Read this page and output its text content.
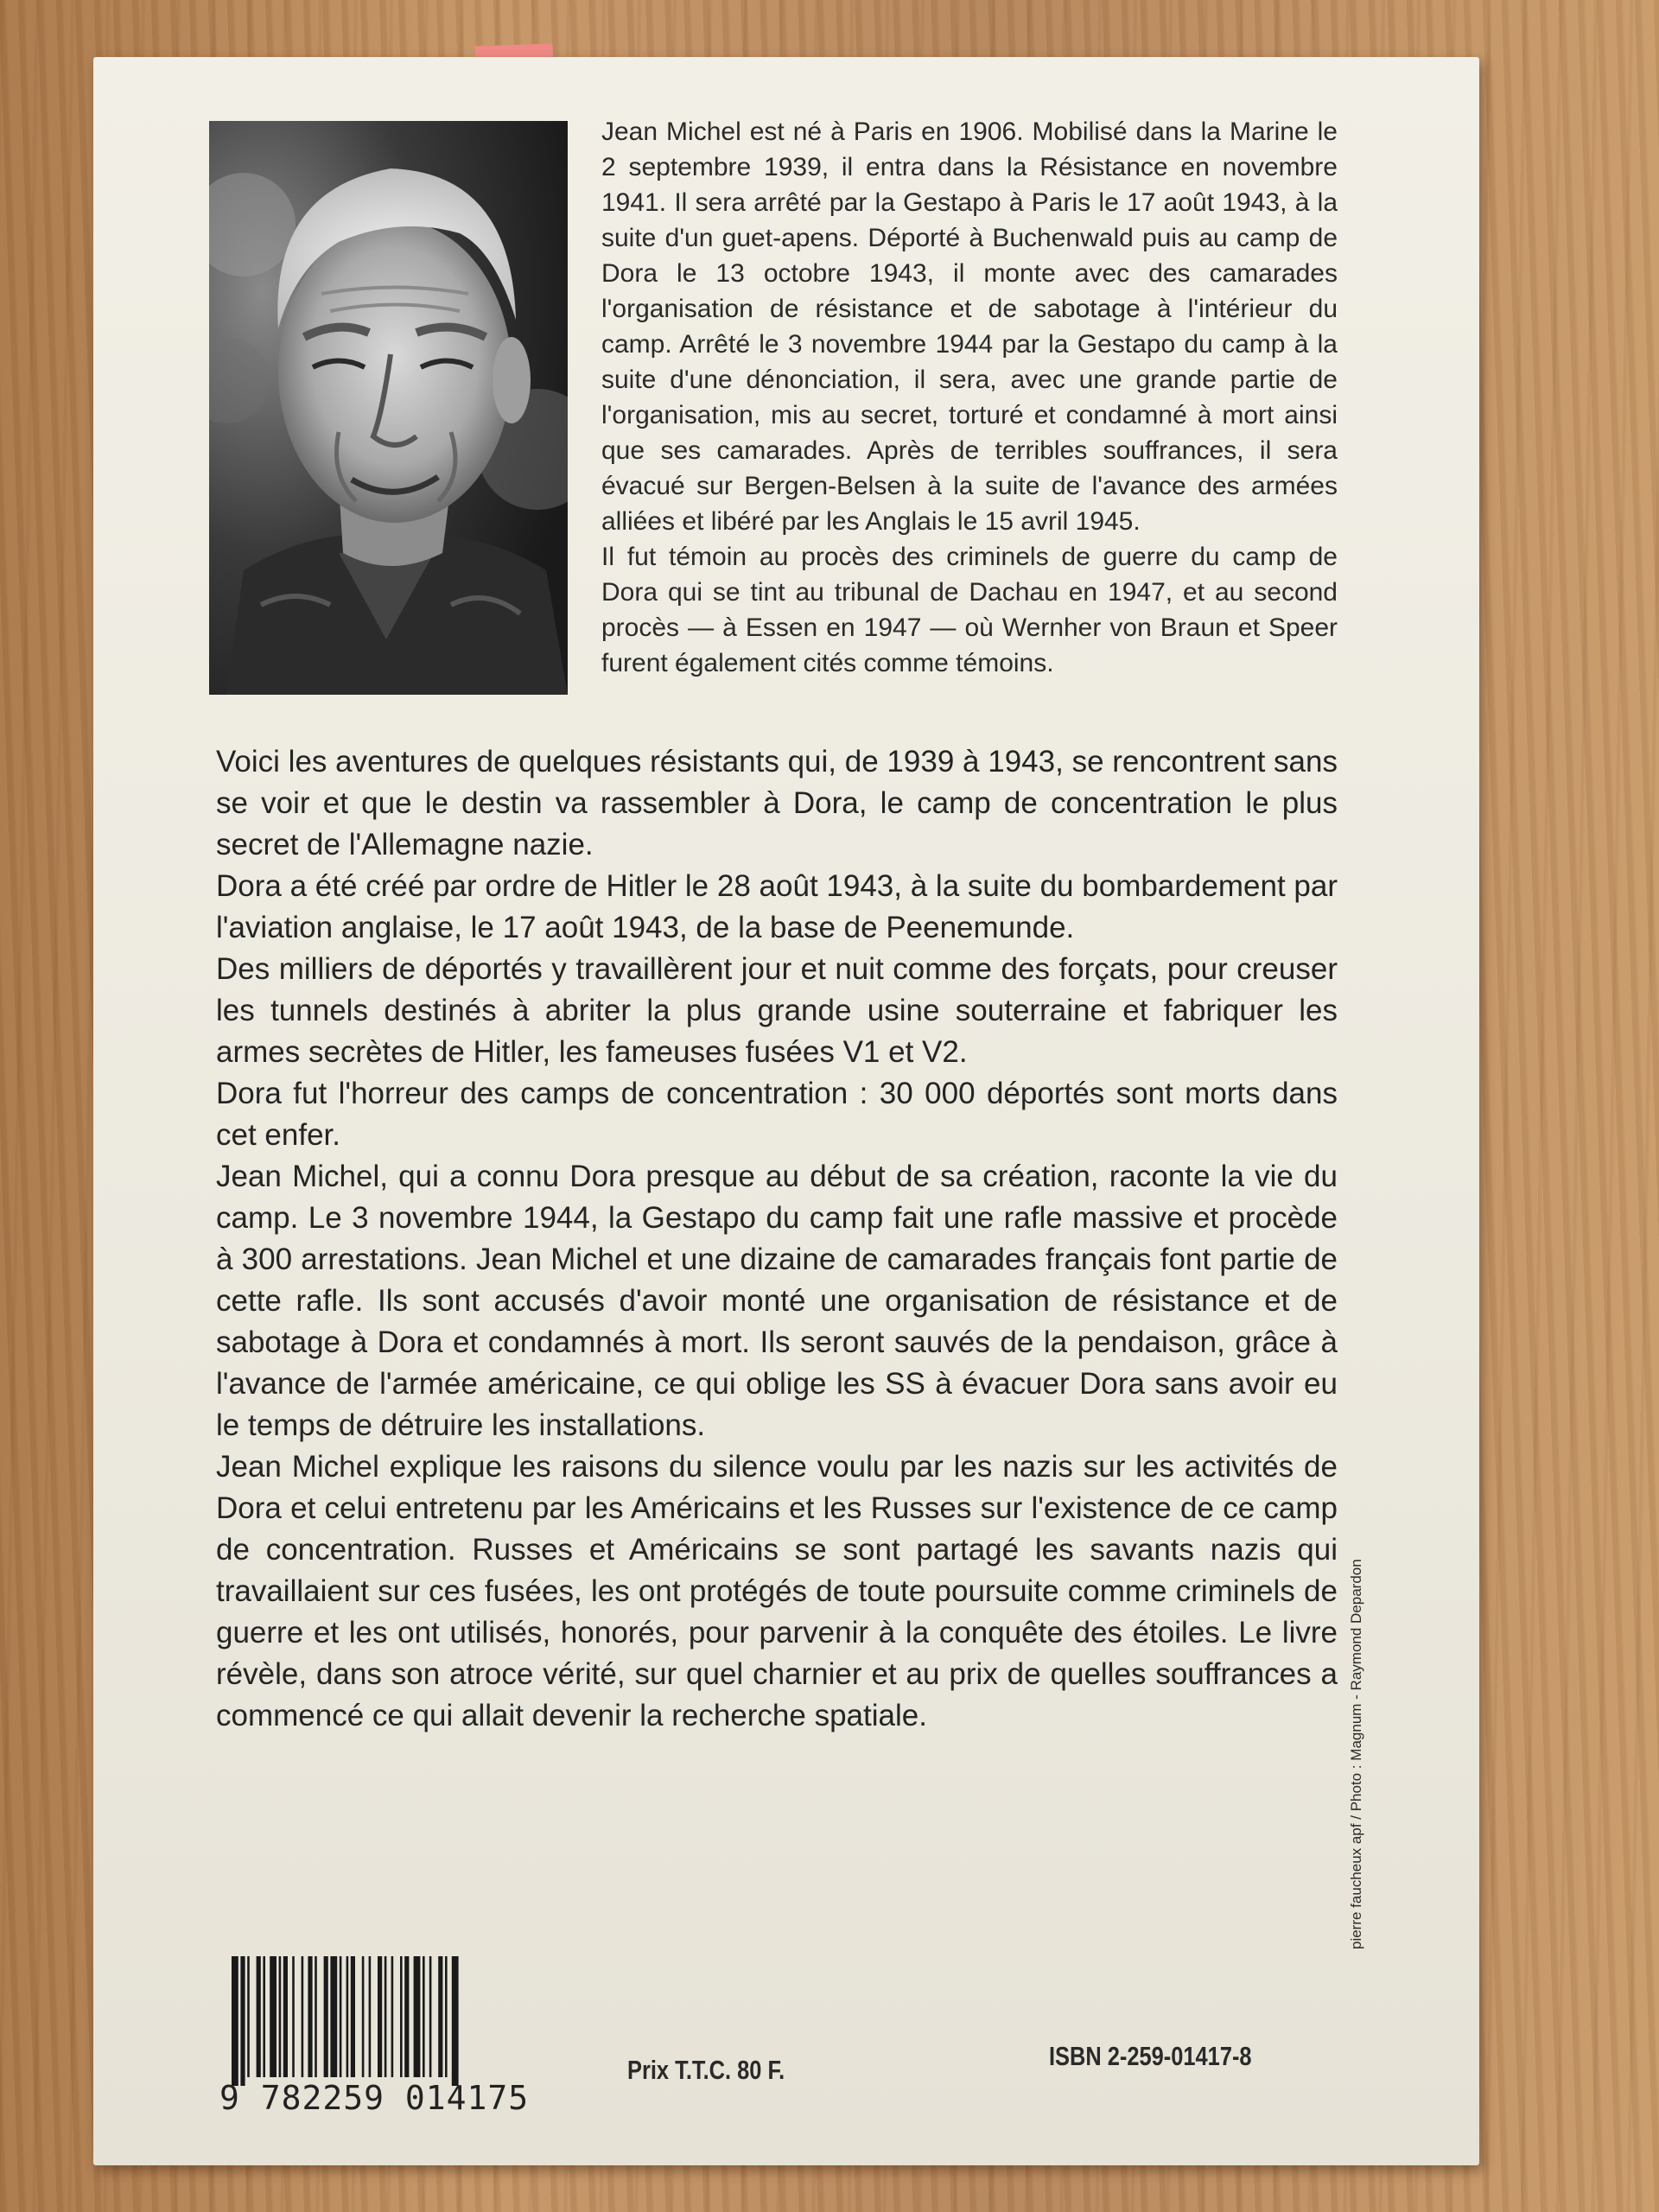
Jean Michel est né à Paris en 1906. Mobilisé dans la Marine le 2 septembre 1939, il entra dans la Résistance en novembre 1941. Il sera arrêté par la Gestapo à Paris le 17 août 1943, à la suite d'un guet-apens. Déporté à Buchenwald puis au camp de Dora le 13 octobre 1943, il monte avec des camarades l'organisation de résistance et de sabotage à l'intérieur du camp. Arrêté le 3 novembre 1944 par la Gestapo du camp à la suite d'une dénonciation, il sera, avec une grande partie de l'organisation, mis au secret, torturé et condamné à mort ainsi que ses camarades. Après de terribles souffrances, il sera évacué sur Bergen-Belsen à la suite de l'avance des armées alliées et libéré par les Anglais le 15 avril 1945.

Il fut témoin au procès des criminels de guerre du camp de Dora qui se tint au tribunal de Dachau en 1947, et au second procès — à Essen en 1947 — où Wernher von Braun et Speer furent également cités comme témoins.

Voici les aventures de quelques résistants qui, de 1939 à 1943, se rencontrent sans se voir et que le destin va rassembler à Dora, le camp de concentration le plus secret de l'Allemagne nazie.

Dora a été créé par ordre de Hitler le 28 août 1943, à la suite du bombardement par l'aviation anglaise, le 17 août 1943, de la base de Peenemunde.

Des milliers de déportés y travaillèrent jour et nuit comme des forçats, pour creuser les tunnels destinés à abriter la plus grande usine souterraine et fabriquer les armes secrètes de Hitler, les fameuses fusées V1 et V2.

Dora fut l'horreur des camps de concentration : 30 000 déportés sont morts dans cet enfer.

Jean Michel, qui a connu Dora presque au début de sa création, raconte la vie du camp. Le 3 novembre 1944, la Gestapo du camp fait une rafle massive et procède à 300 arrestations. Jean Michel et une dizaine de camarades français font partie de cette rafle. Ils sont accusés d'avoir monté une organisation de résistance et de sabotage à Dora et condamnés à mort. Ils seront sauvés de la pendaison, grâce à l'avance de l'armée américaine, ce qui oblige les SS à évacuer Dora sans avoir eu le temps de détruire les installations.

Jean Michel explique les raisons du silence voulu par les nazis sur les activités de Dora et celui entretenu par les Américains et les Russes sur l'existence de ce camp de concentration. Russes et Américains se sont partagé les savants nazis qui travaillaient sur ces fusées, les ont protégés de toute poursuite comme criminels de guerre et les ont utilisés, honorés, pour parvenir à la conquête des étoiles. Le livre révèle, dans son atroce vérité, sur quel charnier et au prix de quelles souffrances a commencé ce qui allait devenir la recherche spatiale.

9 782259 014175
Prix T.T.C. 80 F.	ISBN 2-259-01417-8
pierre faucheux apf / Photo : Magnum - Raymond Depardon
